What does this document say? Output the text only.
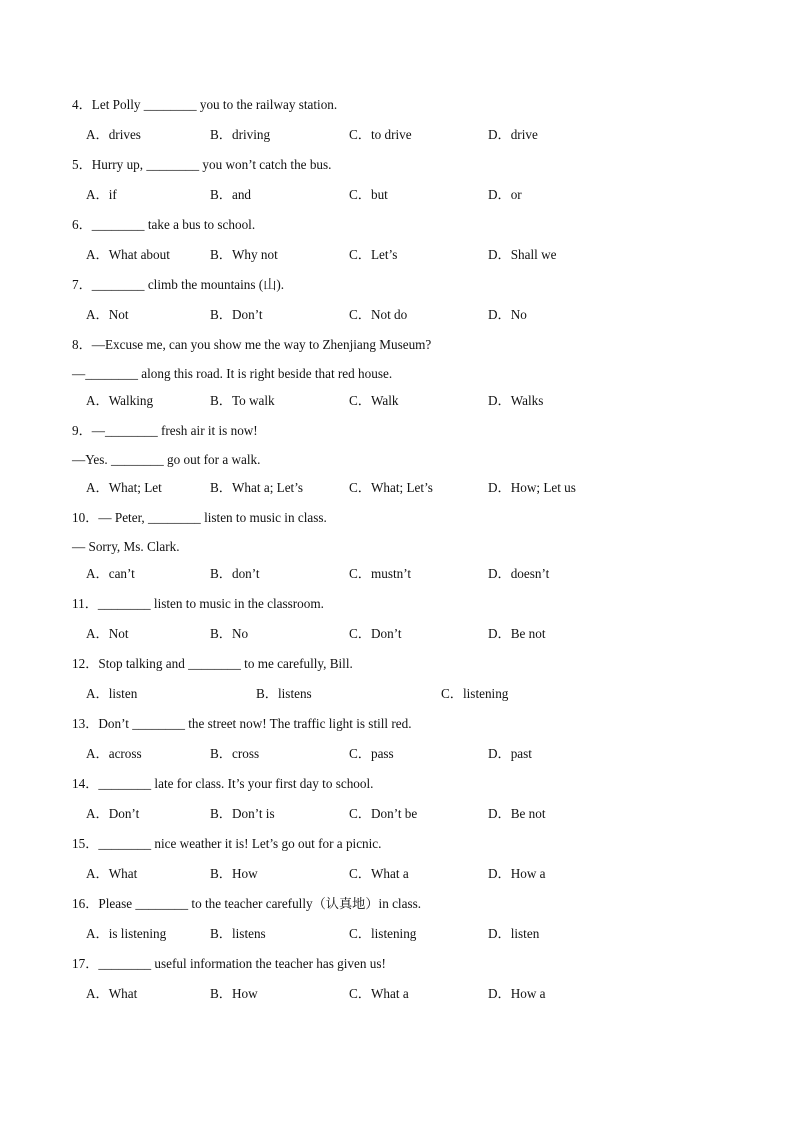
4．Let Polly ________ you to the railway station.
A．drives	B．driving	C．to drive	D．drive
5．Hurry up, ________ you won’t catch the bus.
A．if	B．and	C．but	D．or
6．________ take a bus to school.
A．What about	B．Why not	C．Let’s	D．Shall we
7．________ climb the mountains (山).
A．Not	B．Don’t	C．Not do	D．No
8．—Excuse me, can you show me the way to Zhenjiang Museum?
—________ along this road. It is right beside that red house.
A．Walking	B．To walk	C．Walk	D．Walks
9．—________ fresh air it is now!
—Yes. ________ go out for a walk.
A．What; Let	B．What a; Let’s	C．What; Let’s	D．How; Let us
10．— Peter, ________ listen to music in class.
— Sorry, Ms. Clark.
A．can’t	B．don’t	C．mustn’t	D．doesn’t
11．________ listen to music in the classroom.
A．Not	B．No	C．Don’t	D．Be not
12．Stop talking and ________ to me carefully, Bill.
A．listen	B．listens	C．listening
13．Don’t ________ the street now! The traffic light is still red.
A．across	B．cross	C．pass	D．past
14．________ late for class. It’s your first day to school.
A．Don’t	B．Don’t is	C．Don’t be	D．Be not
15．________ nice weather it is! Let’s go out for a picnic.
A．What	B．How	C．What a	D．How a
16．Please ________ to the teacher carefully（认真地）in class.
A．is listening	B．listens	C．listening	D．listen
17．________ useful information the teacher has given us!
A．What	B．How	C．What a	D．How a
